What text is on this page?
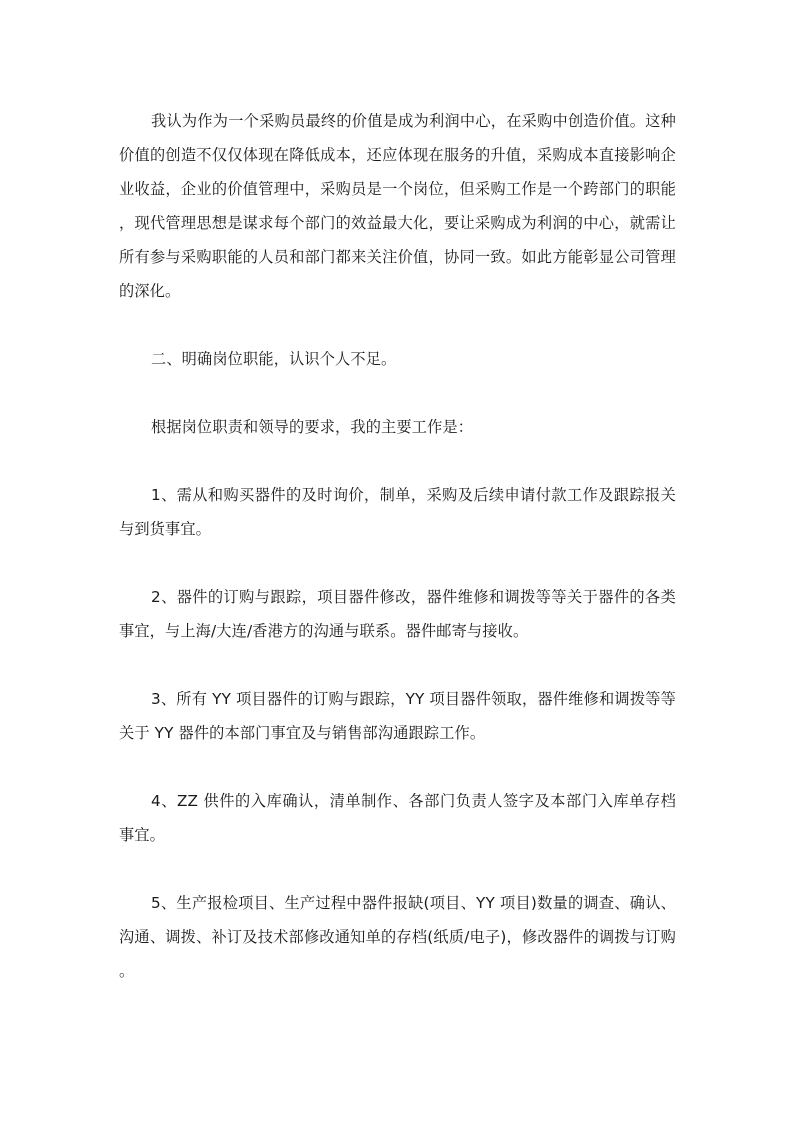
我认为作为一个采购员最终的价值是成为利润中心，在采购中创造价值。这种价值的创造不仅仅体现在降低成本，还应体现在服务的升值，采购成本直接影响企业收益，企业的价值管理中，采购员是一个岗位，但采购工作是一个跨部门的职能，现代管理思想是谋求每个部门的效益最大化，要让采购成为利润的中心，就需让所有参与采购职能的人员和部门都来关注价值，协同一致。如此方能彰显公司管理的深化。

二、明确岗位职能，认识个人不足。

根据岗位职责和领导的要求，我的主要工作是：

1、需从和购买器件的及时询价，制单，采购及后续申请付款工作及跟踪报关与到货事宜。

2、器件的订购与跟踪，项目器件修改，器件维修和调拨等等关于器件的各类事宜，与上海/大连/香港方的沟通与联系。器件邮寄与接收。

3、所有 YY 项目器件的订购与跟踪，YY 项目器件领取，器件维修和调拨等等关于 YY 器件的本部门事宜及与销售部沟通跟踪工作。

4、ZZ 供件的入库确认，清单制作、各部门负责人签字及本部门入库单存档事宜。

5、生产报检项目、生产过程中器件报缺(项目、YY 项目)数量的调查、确认、沟通、调拨、补订及技术部修改通知单的存档(纸质/电子)，修改器件的调拨与订购。
